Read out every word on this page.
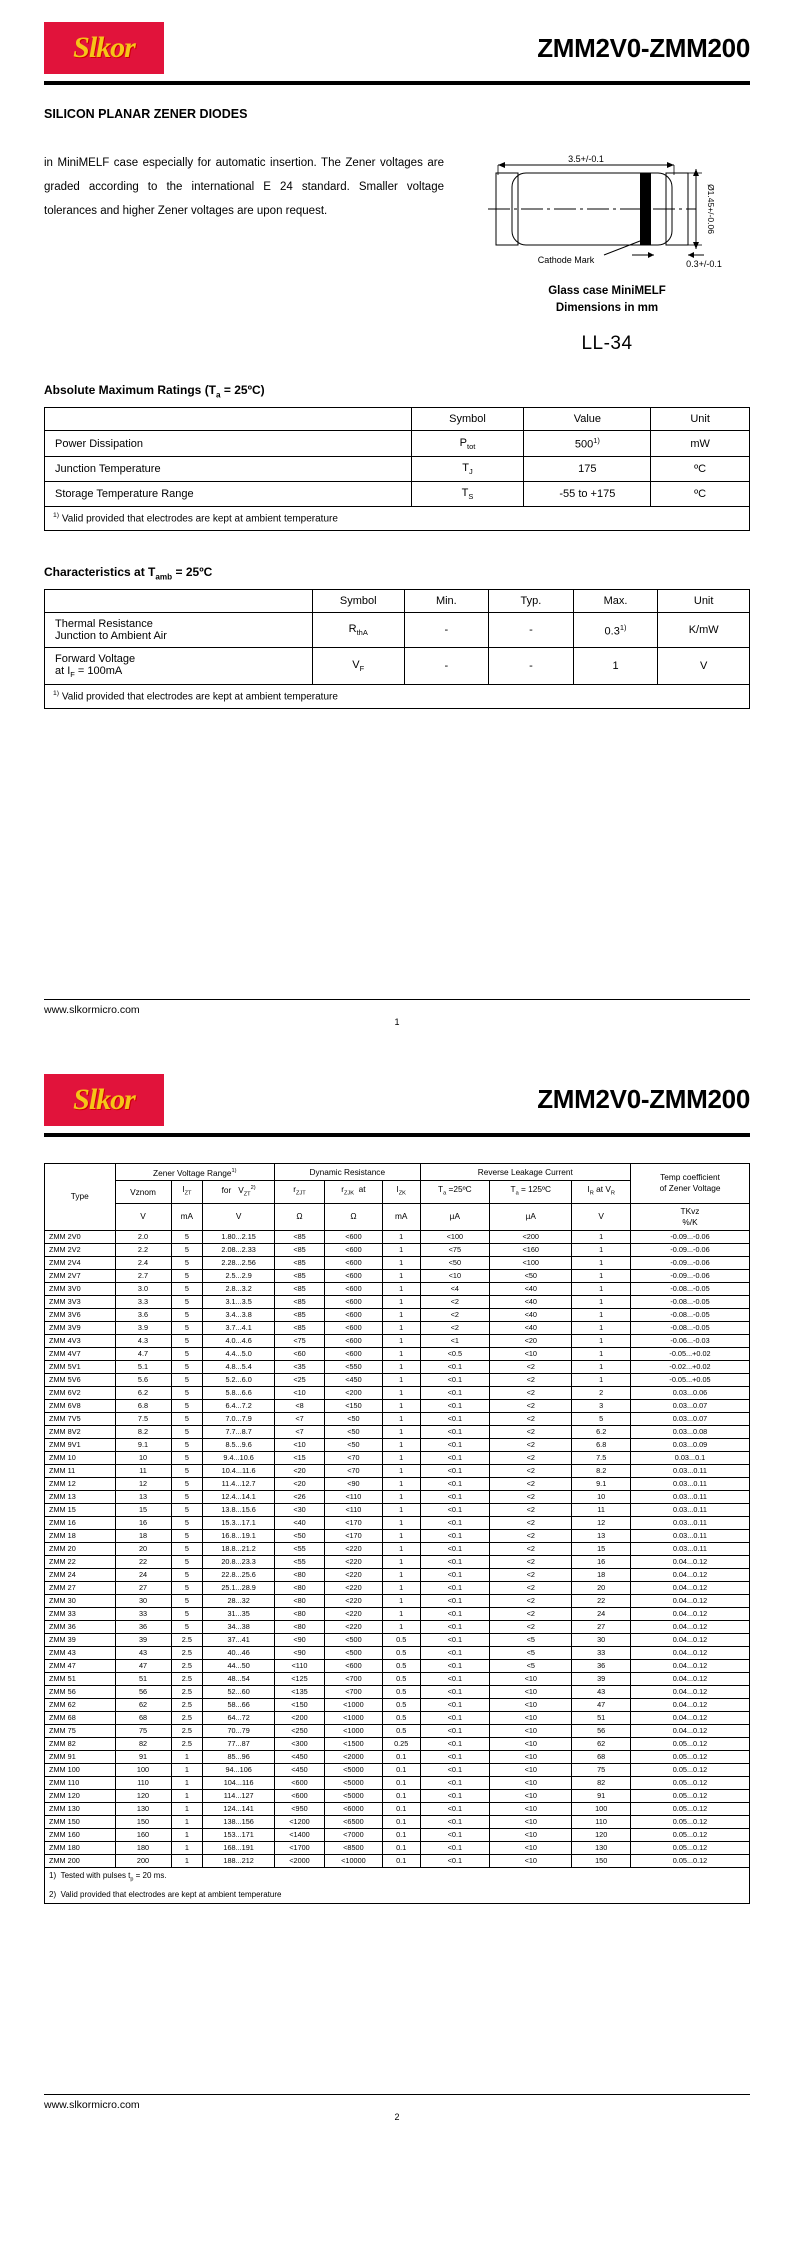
Slkor	ZMM2V0-ZMM200
SILICON PLANAR ZENER DIODES
in MiniMELF case especially for automatic insertion. The Zener voltages are graded according to the international E 24 standard. Smaller voltage tolerances and higher Zener voltages are upon request.
3.5+/-0.1
Ø1.45+/-0.06
0.3+/-0.1
Cathode Mark
Glass case MiniMELF
Dimensions in mm
LL-34
Absolute Maximum Ratings ($T_a$ = 25ºC)
	Symbol	Value	Unit
Power Dissipation	$P_{tot}$	500$^{1)}$	mW
Junction Temperature	$T_J$	175	ºC
Storage Temperature Range	$T_S$	-55 to +175	ºC
$^{1)}$ Valid provided that electrodes are kept at ambient temperature			
Characteristics at $T_{amb}$ = 25ºC
	Symbol	Min.	Typ.	Max.	Unit

Thermal Resistance
Junction to Ambient Air	$R_{thA}$	-	-	0.3$^{1)}$	K/mW

Forward Voltage
at $I_F = 100mA$	$V_F$	-	-	1	V
$^{1)}$ Valid provided that electrodes are kept at ambient temperature					
www.slkormicro.com
1
Slkor	ZMM2V0-ZMM200
Type	Zener Voltage Range$^{1)}$			Dynamic Resistance			Reverse Leakage Current			Temp coefficient
of Zener Voltage

	Vznom	$I_{ZT}$	for   $V_{ZT}^{2)}$	$r_{ZJT}$	$r_{ZJK}$  at	$I_{ZK}$	$T_a$ =25ºC	$T_a$ = 125ºC	$I_R$ at $V_R$
	V	mA	V	Ω	Ω	mA	µA	µA	V	TKvz
%/K

ZMM 2V0	2.0	5	1.80...2.15	<85	<600	1	<100	<200	1	-0.09...-0.06
ZMM 2V2	2.2	5	2.08...2.33	<85	<600	1	<75	<160	1	-0.09...-0.06
ZMM 2V4	2.4	5	2.28...2.56	<85	<600	1	<50	<100	1	-0.09...-0.06
ZMM 2V7	2.7	5	2.5...2.9	<85	<600	1	<10	<50	1	-0.09...-0.06
ZMM 3V0	3.0	5	2.8...3.2	<85	<600	1	<4	<40	1	-0.08...-0.05
ZMM 3V3	3.3	5	3.1...3.5	<85	<600	1	<2	<40	1	-0.08...-0.05
ZMM 3V6	3.6	5	3.4...3.8	<85	<600	1	<2	<40	1	-0.08...-0.05
ZMM 3V9	3.9	5	3.7...4.1	<85	<600	1	<2	<40	1	-0.08...-0.05
ZMM 4V3	4.3	5	4.0...4.6	<75	<600	1	<1	<20	1	-0.06...-0.03
ZMM 4V7	4.7	5	4.4...5.0	<60	<600	1	<0.5	<10	1	-0.05...+0.02
ZMM 5V1	5.1	5	4.8...5.4	<35	<550	1	<0.1	<2	1	-0.02...+0.02
ZMM 5V6	5.6	5	5.2...6.0	<25	<450	1	<0.1	<2	1	-0.05...+0.05
ZMM 6V2	6.2	5	5.8...6.6	<10	<200	1	<0.1	<2	2	0.03...0.06
ZMM 6V8	6.8	5	6.4...7.2	<8	<150	1	<0.1	<2	3	0.03...0.07
ZMM 7V5	7.5	5	7.0...7.9	<7	<50	1	<0.1	<2	5	0.03...0.07
ZMM 8V2	8.2	5	7.7...8.7	<7	<50	1	<0.1	<2	6.2	0.03...0.08
ZMM 9V1	9.1	5	8.5...9.6	<10	<50	1	<0.1	<2	6.8	0.03...0.09
ZMM 10	10	5	9.4...10.6	<15	<70	1	<0.1	<2	7.5	0.03...0.1
ZMM 11	11	5	10.4...11.6	<20	<70	1	<0.1	<2	8.2	0.03...0.11
ZMM 12	12	5	11.4...12.7	<20	<90	1	<0.1	<2	9.1	0.03...0.11
ZMM 13	13	5	12.4...14.1	<26	<110	1	<0.1	<2	10	0.03...0.11
ZMM 15	15	5	13.8...15.6	<30	<110	1	<0.1	<2	11	0.03...0.11
ZMM 16	16	5	15.3...17.1	<40	<170	1	<0.1	<2	12	0.03...0.11
ZMM 18	18	5	16.8...19.1	<50	<170	1	<0.1	<2	13	0.03...0.11
ZMM 20	20	5	18.8...21.2	<55	<220	1	<0.1	<2	15	0.03...0.11
ZMM 22	22	5	20.8...23.3	<55	<220	1	<0.1	<2	16	0.04...0.12
ZMM 24	24	5	22.8...25.6	<80	<220	1	<0.1	<2	18	0.04...0.12
ZMM 27	27	5	25.1...28.9	<80	<220	1	<0.1	<2	20	0.04...0.12
ZMM 30	30	5	28...32	<80	<220	1	<0.1	<2	22	0.04...0.12
ZMM 33	33	5	31...35	<80	<220	1	<0.1	<2	24	0.04...0.12
ZMM 36	36	5	34...38	<80	<220	1	<0.1	<2	27	0.04...0.12
ZMM 39	39	2.5	37...41	<90	<500	0.5	<0.1	<5	30	0.04...0.12
ZMM 43	43	2.5	40...46	<90	<500	0.5	<0.1	<5	33	0.04...0.12
ZMM 47	47	2.5	44...50	<110	<600	0.5	<0.1	<5	36	0.04...0.12
ZMM 51	51	2.5	48...54	<125	<700	0.5	<0.1	<10	39	0.04...0.12
ZMM 56	56	2.5	52...60	<135	<700	0.5	<0.1	<10	43	0.04...0.12
ZMM 62	62	2.5	58...66	<150	<1000	0.5	<0.1	<10	47	0.04...0.12
ZMM 68	68	2.5	64...72	<200	<1000	0.5	<0.1	<10	51	0.04...0.12
ZMM 75	75	2.5	70...79	<250	<1000	0.5	<0.1	<10	56	0.04...0.12
ZMM 82	82	2.5	77...87	<300	<1500	0.25	<0.1	<10	62	0.05...0.12
ZMM 91	91	1	85...96	<450	<2000	0.1	<0.1	<10	68	0.05...0.12
ZMM 100	100	1	94...106	<450	<5000	0.1	<0.1	<10	75	0.05...0.12
ZMM 110	110	1	104...116	<600	<5000	0.1	<0.1	<10	82	0.05...0.12
ZMM 120	120	1	114...127	<600	<5000	0.1	<0.1	<10	91	0.05...0.12
ZMM 130	130	1	124...141	<950	<6000	0.1	<0.1	<10	100	0.05...0.12
ZMM 150	150	1	138...156	<1200	<6500	0.1	<0.1	<10	110	0.05...0.12
ZMM 160	160	1	153...171	<1400	<7000	0.1	<0.1	<10	120	0.05...0.12
ZMM 180	180	1	168...191	<1700	<8500	0.1	<0.1	<10	130	0.05...0.12
ZMM 200	200	1	188...212	<2000	<10000	0.1	<0.1	<10	150	0.05...0.12
1) Tested with pulses $t_p = 20$ ms.										
2) Valid provided that electrodes are kept at ambient temperature										
www.slkormicro.com
2
